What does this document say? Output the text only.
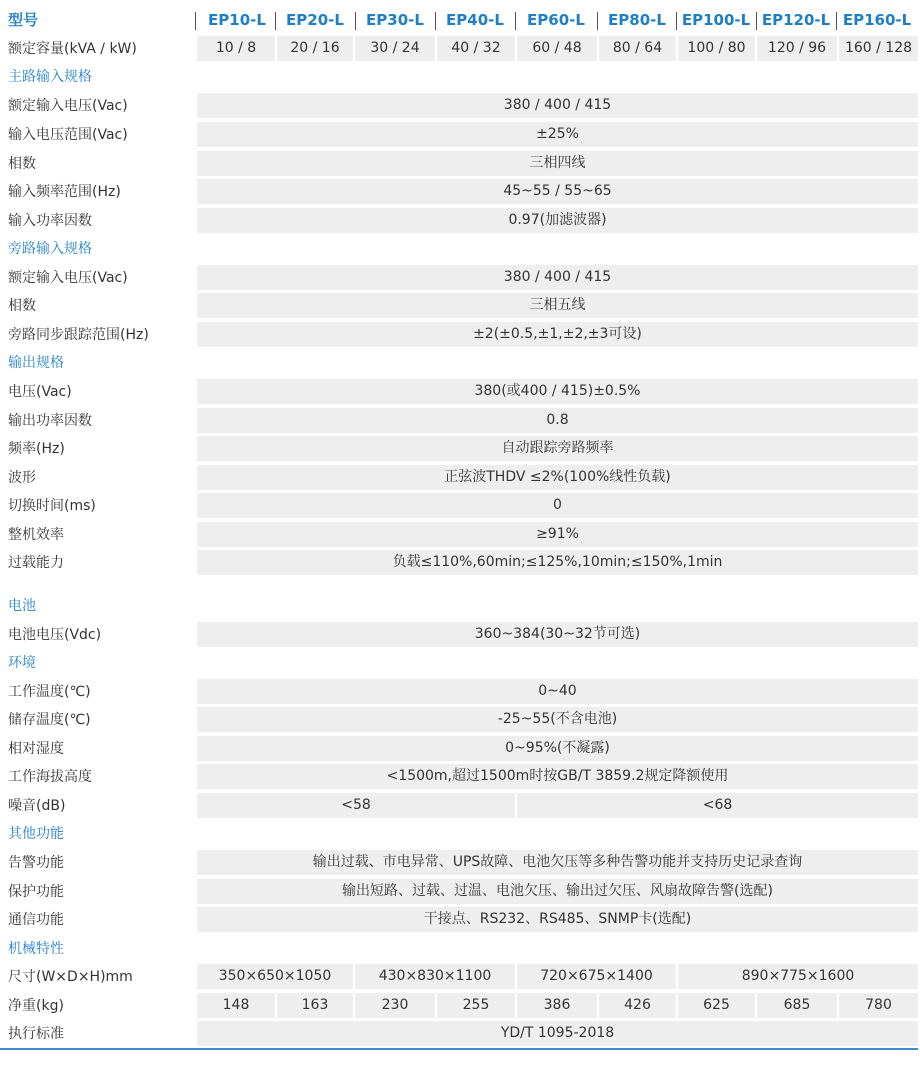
型号	EP10-L	EP20-L	EP30-L	EP40-L	EP60-L	EP80-L	EP100-L EP120-L EP160-L
额定容量(kVA / kW)	10 / 8	20 / 16	30 / 24	40 / 32	60 / 48	80 / 64	100 / 80	120 / 96	160 / 128
主路输入规格
额定输入电压(Vac)	380 / 400 / 415
输入电压范围(Vac)	±25%
相数	三相四线
输入频率范围(Hz)	45~55 / 55~65
输入功率因数	0.97(加滤波器)
旁路输入规格
额定输入电压(Vac)	380 / 400 / 415
相数	三相五线
旁路同步跟踪范围(Hz)	±2(±0.5,±1,±2,±3可设)
输出规格
电压(Vac)	380(或400 / 415)±0.5%
输出功率因数	0.8
频率(Hz)	自动跟踪旁路频率
波形	正弦波THDV ≤2%(100%线性负载)
切换时间(ms)	0
整机效率	≥91%
过载能力	负载≤110%,60min;≤125%,10min;≤150%,1min
电池
电池电压(Vdc)	360~384(30~32节可选)
环境
工作温度(℃)	0~40
储存温度(℃)	-25~55(不含电池)
相对湿度	0~95%(不凝露)
工作海拔高度	<1500m,超过1500m时按GB/T 3859.2规定降额使用
噪音(dB)	<58	<68
其他功能
告警功能	输出过载、市电异常、UPS故障、电池欠压等多种告警功能并支持历史记录查询
保护功能	输出短路、过载、过温、电池欠压、输出过欠压、风扇故障告警(选配)
通信功能	干接点、RS232、RS485、SNMP卡(选配)
机械特性
尺寸(W×D×H)mm	350×650×1050	430×830×1100	720×675×1400	890×775×1600
净重(kg)	148	163	230	255	386	426	625	685	780
执行标准	YD/T 1095-2018
